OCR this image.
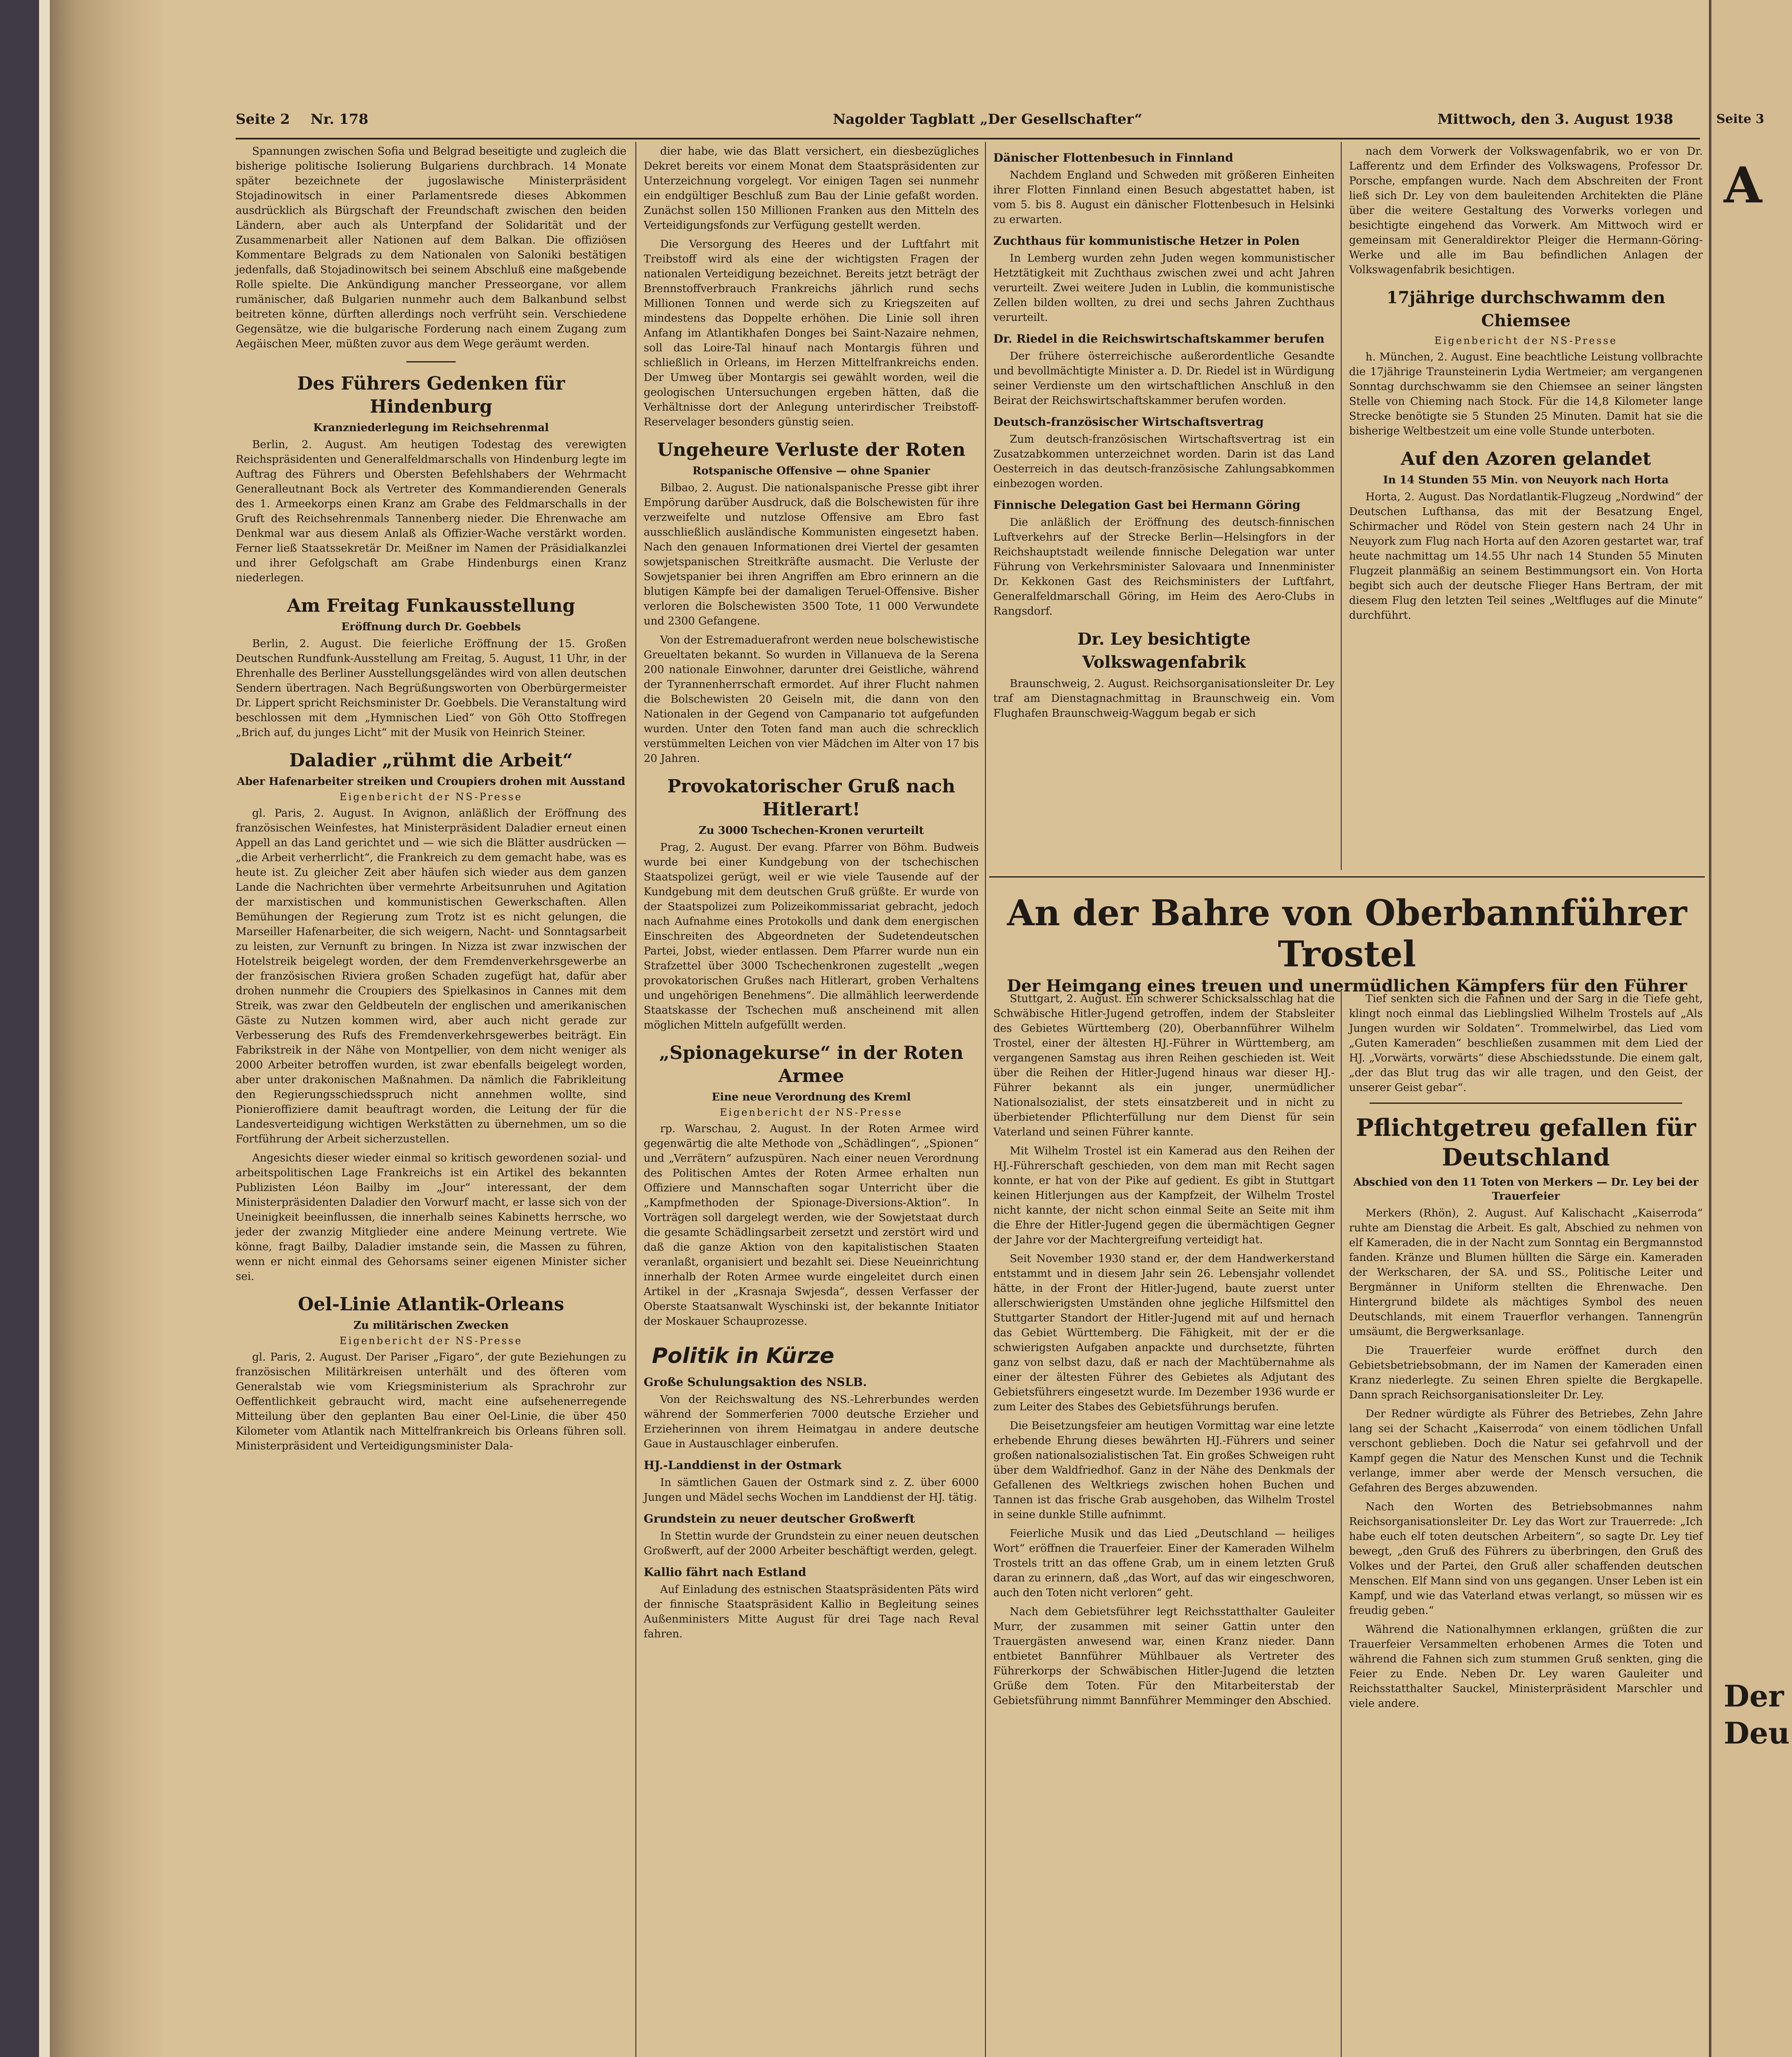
Seite 3
A
Der
Deu
Seite 2 Nr. 178	Nagolder Tagblatt „Der Gesellschafter“	Mittwoch, den 3. August 1938

Spannungen zwischen Sofia und Belgrad beseitigte und zugleich die bisherige politische Isolierung Bulgariens durchbrach. 14 Monate später bezeichnete der jugoslawische Ministerpräsident Stojadinowitsch in einer Parlamentsrede dieses Abkommen ausdrücklich als Bürgschaft der Freundschaft zwischen den beiden Ländern, aber auch als Unterpfand der Solidarität und der Zusammenarbeit aller Nationen auf dem Balkan. Die offiziösen Kommentare Belgrads zu dem Nationalen von Saloniki bestätigen jedenfalls, daß Stojadinowitsch bei seinem Abschluß eine maßgebende Rolle spielte. Die Ankündigung mancher Presseorgane, vor allem rumänischer, daß Bulgarien nunmehr auch dem Balkanbund selbst beitreten könne, dürften allerdings noch verfrüht sein. Verschiedene Gegensätze, wie die bulgarische Forderung nach einem Zugang zum Aegäischen Meer, müßten zuvor aus dem Wege geräumt werden.

Des Führers Gedenken für Hindenburg
Kranzniederlegung im Reichsehrenmal

Berlin, 2. August. Am heutigen Todestag des verewigten Reichspräsidenten und Generalfeldmarschalls von Hindenburg legte im Auftrag des Führers und Obersten Befehlshabers der Wehrmacht Generalleutnant Bock als Vertreter des Kommandierenden Generals des 1. Armeekorps einen Kranz am Grabe des Feldmarschalls in der Gruft des Reichsehrenmals Tannenberg nieder. Die Ehrenwache am Denkmal war aus diesem Anlaß als Offizier-Wache verstärkt worden. Ferner ließ Staatssekretär Dr. Meißner im Namen der Präsidialkanzlei und ihrer Gefolgschaft am Grabe Hindenburgs einen Kranz niederlegen.

Am Freitag Funkausstellung
Eröffnung durch Dr. Goebbels

Berlin, 2. August. Die feierliche Eröffnung der 15. Großen Deutschen Rundfunk-Ausstellung am Freitag, 5. August, 11 Uhr, in der Ehrenhalle des Berliner Ausstellungsgeländes wird von allen deutschen Sendern übertragen. Nach Begrüßungsworten von Oberbürgermeister Dr. Lippert spricht Reichsminister Dr. Goebbels. Die Veranstaltung wird beschlossen mit dem „Hymnischen Lied“ von Göh Otto Stoffregen „Brich auf, du junges Licht“ mit der Musik von Heinrich Steiner.

Daladier „rühmt die Arbeit“
Aber Hafenarbeiter streiken und Croupiers drohen mit Ausstand
Eigenbericht der NS-Presse

gl. Paris, 2. August. In Avignon, anläßlich der Eröffnung des französischen Weinfestes, hat Ministerpräsident Daladier erneut einen Appell an das Land gerichtet und — wie sich die Blätter ausdrücken — „die Arbeit verherrlicht“, die Frankreich zu dem gemacht habe, was es heute ist. Zu gleicher Zeit aber häufen sich wieder aus dem ganzen Lande die Nachrichten über vermehrte Arbeitsunruhen und Agitation der marxistischen und kommunistischen Gewerkschaften. Allen Bemühungen der Regierung zum Trotz ist es nicht gelungen, die Marseiller Hafenarbeiter, die sich weigern, Nacht- und Sonntagsarbeit zu leisten, zur Vernunft zu bringen. In Nizza ist zwar inzwischen der Hotelstreik beigelegt worden, der dem Fremdenverkehrsgewerbe an der französischen Riviera großen Schaden zugefügt hat, dafür aber drohen nunmehr die Croupiers des Spielkasinos in Cannes mit dem Streik, was zwar den Geldbeuteln der englischen und amerikanischen Gäste zu Nutzen kommen wird, aber auch nicht gerade zur Verbesserung des Rufs des Fremdenverkehrsgewerbes beiträgt. Ein Fabrikstreik in der Nähe von Montpellier, von dem nicht weniger als 2000 Arbeiter betroffen wurden, ist zwar ebenfalls beigelegt worden, aber unter drakonischen Maßnahmen. Da nämlich die Fabrikleitung den Regierungsschiedsspruch nicht annehmen wollte, sind Pionieroffiziere damit beauftragt worden, die Leitung der für die Landesverteidigung wichtigen Werkstätten zu übernehmen, um so die Fortführung der Arbeit sicherzustellen.

Angesichts dieser wieder einmal so kritisch gewordenen sozial- und arbeitspolitischen Lage Frankreichs ist ein Artikel des bekannten Publizisten Léon Bailby im „Jour“ interessant, der dem Ministerpräsidenten Daladier den Vorwurf macht, er lasse sich von der Uneinigkeit beeinflussen, die innerhalb seines Kabinetts herrsche, wo jeder der zwanzig Mitglieder eine andere Meinung vertrete. Wie könne, fragt Bailby, Daladier imstande sein, die Massen zu führen, wenn er nicht einmal des Gehorsams seiner eigenen Minister sicher sei.

Oel-Linie Atlantik-Orleans
Zu militärischen Zwecken
Eigenbericht der NS-Presse

gl. Paris, 2. August. Der Pariser „Figaro“, der gute Beziehungen zu französischen Militärkreisen unterhält und des öfteren vom Generalstab wie vom Kriegsministerium als Sprachrohr zur Oeffentlichkeit gebraucht wird, macht eine aufsehenerregende Mitteilung über den geplanten Bau einer Oel-Linie, die über 450 Kilometer vom Atlantik nach Mittelfrankreich bis Orleans führen soll. Ministerpräsident und Verteidigungsminister Dala-

dier habe, wie das Blatt versichert, ein diesbezügliches Dekret bereits vor einem Monat dem Staatspräsidenten zur Unterzeichnung vorgelegt. Vor einigen Tagen sei nunmehr ein endgültiger Beschluß zum Bau der Linie gefaßt worden. Zunächst sollen 150 Millionen Franken aus den Mitteln des Verteidigungsfonds zur Verfügung gestellt werden.

Die Versorgung des Heeres und der Luftfahrt mit Treibstoff wird als eine der wichtigsten Fragen der nationalen Verteidigung bezeichnet. Bereits jetzt beträgt der Brennstoffverbrauch Frankreichs jährlich rund sechs Millionen Tonnen und werde sich zu Kriegszeiten auf mindestens das Doppelte erhöhen. Die Linie soll ihren Anfang im Atlantikhafen Donges bei Saint-Nazaire nehmen, soll das Loire-Tal hinauf nach Montargis führen und schließlich in Orleans, im Herzen Mittelfrankreichs enden. Der Umweg über Montargis sei gewählt worden, weil die geologischen Untersuchungen ergeben hätten, daß die Verhältnisse dort der Anlegung unterirdischer Treibstoff-Reservelager besonders günstig seien.

Ungeheure Verluste der Roten
Rotspanische Offensive — ohne Spanier

Bilbao, 2. August. Die nationalspanische Presse gibt ihrer Empörung darüber Ausdruck, daß die Bolschewisten für ihre verzweifelte und nutzlose Offensive am Ebro fast ausschließlich ausländische Kommunisten eingesetzt haben. Nach den genauen Informationen drei Viertel der gesamten sowjetspanischen Streitkräfte ausmacht. Die Verluste der Sowjetspanier bei ihren Angriffen am Ebro erinnern an die blutigen Kämpfe bei der damaligen Teruel-Offensive. Bisher verloren die Bolschewisten 3500 Tote, 11 000 Verwundete und 2300 Gefangene.

Von der Estremaduerafront werden neue bolschewistische Greueltaten bekannt. So wurden in Villanueva de la Serena 200 nationale Einwohner, darunter drei Geistliche, während der Tyrannenherrschaft ermordet. Auf ihrer Flucht nahmen die Bolschewisten 20 Geiseln mit, die dann von den Nationalen in der Gegend von Campanario tot aufgefunden wurden. Unter den Toten fand man auch die schrecklich verstümmelten Leichen von vier Mädchen im Alter von 17 bis 20 Jahren.

Provokatorischer Gruß nach Hitlerart!
Zu 3000 Tschechen-Kronen verurteilt

Prag, 2. August. Der evang. Pfarrer von Böhm. Budweis wurde bei einer Kundgebung von der tschechischen Staatspolizei gerügt, weil er wie viele Tausende auf der Kundgebung mit dem deutschen Gruß grüßte. Er wurde von der Staatspolizei zum Polizeikommissariat gebracht, jedoch nach Aufnahme eines Protokolls und dank dem energischen Einschreiten des Abgeordneten der Sudetendeutschen Partei, Jobst, wieder entlassen. Dem Pfarrer wurde nun ein Strafzettel über 3000 Tschechenkronen zugestellt „wegen provokatorischen Grußes nach Hitlerart, groben Verhaltens und ungehörigen Benehmens“. Die allmählich leerwerdende Staatskasse der Tschechen muß anscheinend mit allen möglichen Mitteln aufgefüllt werden.

„Spionagekurse“ in der Roten Armee
Eine neue Verordnung des Kreml
Eigenbericht der NS-Presse

rp. Warschau, 2. August. In der Roten Armee wird gegenwärtig die alte Methode von „Schädlingen“, „Spionen“ und „Verrätern“ aufzuspüren. Nach einer neuen Verordnung des Politischen Amtes der Roten Armee erhalten nun Offiziere und Mannschaften sogar Unterricht über die „Kampfmethoden der Spionage-Diversions-Aktion“. In Vorträgen soll dargelegt werden, wie der Sowjetstaat durch die gesamte Schädlingsarbeit zersetzt und zerstört wird und daß die ganze Aktion von den kapitalistischen Staaten veranlaßt, organisiert und bezahlt sei. Diese Neueinrichtung innerhalb der Roten Armee wurde eingeleitet durch einen Artikel in der „Krasnaja Swjesda“, dessen Verfasser der Oberste Staatsanwalt Wyschinski ist, der bekannte Initiator der Moskauer Schauprozesse.

Politik in Kürze
Große Schulungsaktion des NSLB.

Von der Reichswaltung des NS.-Lehrerbundes werden während der Sommerferien 7000 deutsche Erzieher und Erzieherinnen von ihrem Heimatgau in andere deutsche Gaue in Austauschlager einberufen.

HJ.-Landdienst in der Ostmark

In sämtlichen Gauen der Ostmark sind z. Z. über 6000 Jungen und Mädel sechs Wochen im Landdienst der HJ. tätig.

Grundstein zu neuer deutscher Großwerft

In Stettin wurde der Grundstein zu einer neuen deutschen Großwerft, auf der 2000 Arbeiter beschäftigt werden, gelegt.

Kallio fährt nach Estland

Auf Einladung des estnischen Staatspräsidenten Päts wird der finnische Staatspräsident Kallio in Begleitung seines Außenministers Mitte August für drei Tage nach Reval fahren.

Dänischer Flottenbesuch in Finnland

Nachdem England und Schweden mit größeren Einheiten ihrer Flotten Finnland einen Besuch abgestattet haben, ist vom 5. bis 8. August ein dänischer Flottenbesuch in Helsinki zu erwarten.

Zuchthaus für kommunistische Hetzer in Polen

In Lemberg wurden zehn Juden wegen kommunistischer Hetztätigkeit mit Zuchthaus zwischen zwei und acht Jahren verurteilt. Zwei weitere Juden in Lublin, die kommunistische Zellen bilden wollten, zu drei und sechs Jahren Zuchthaus verurteilt.

Dr. Riedel in die Reichswirtschaftskammer berufen

Der frühere österreichische außerordentliche Gesandte und bevollmächtigte Minister a. D. Dr. Riedel ist in Würdigung seiner Verdienste um den wirtschaftlichen Anschluß in den Beirat der Reichswirtschaftskammer berufen worden.

Deutsch-französischer Wirtschaftsvertrag

Zum deutsch-französischen Wirtschaftsvertrag ist ein Zusatzabkommen unterzeichnet worden. Darin ist das Land Oesterreich in das deutsch-französische Zahlungsabkommen einbezogen worden.

Finnische Delegation Gast bei Hermann Göring

Die anläßlich der Eröffnung des deutsch-finnischen Luftverkehrs auf der Strecke Berlin—Helsingfors in der Reichshauptstadt weilende finnische Delegation war unter Führung von Verkehrsminister Salovaara und Innenminister Dr. Kekkonen Gast des Reichsministers der Luftfahrt, Generalfeldmarschall Göring, im Heim des Aero-Clubs in Rangsdorf.

Dr. Ley besichtigte Volkswagenfabrik

Braunschweig, 2. August. Reichsorganisationsleiter Dr. Ley traf am Dienstagnachmittag in Braunschweig ein. Vom Flughafen Braunschweig-Waggum begab er sich

nach dem Vorwerk der Volkswagenfabrik, wo er von Dr. Lafferentz und dem Erfinder des Volkswagens, Professor Dr. Porsche, empfangen wurde. Nach dem Abschreiten der Front ließ sich Dr. Ley von dem bauleitenden Architekten die Pläne über die weitere Gestaltung des Vorwerks vorlegen und besichtigte eingehend das Vorwerk. Am Mittwoch wird er gemeinsam mit Generaldirektor Pleiger die Hermann-Göring-Werke und alle im Bau befindlichen Anlagen der Volkswagenfabrik besichtigen.

17jährige durchschwamm den Chiemsee
Eigenbericht der NS-Presse

h. München, 2. August. Eine beachtliche Leistung vollbrachte die 17jährige Traunsteinerin Lydia Wertmeier; am vergangenen Sonntag durchschwamm sie den Chiemsee an seiner längsten Stelle von Chieming nach Stock. Für die 14,8 Kilometer lange Strecke benötigte sie 5 Stunden 25 Minuten. Damit hat sie die bisherige Weltbestzeit um eine volle Stunde unterboten.

Auf den Azoren gelandet
In 14 Stunden 55 Min. von Neuyork nach Horta

Horta, 2. August. Das Nordatlantik-Flugzeug „Nordwind“ der Deutschen Lufthansa, das mit der Besatzung Engel, Schirmacher und Rödel von Stein gestern nach 24 Uhr in Neuyork zum Flug nach Horta auf den Azoren gestartet war, traf heute nachmittag um 14.55 Uhr nach 14 Stunden 55 Minuten Flugzeit planmäßig an seinem Bestimmungsort ein. Von Horta begibt sich auch der deutsche Flieger Hans Bertram, der mit diesem Flug den letzten Teil seines „Weltfluges auf die Minute“ durchführt.

An der Bahre von Oberbannführer Trostel
Der Heimgang eines treuen und unermüdlichen Kämpfers für den Führer

Stuttgart, 2. August. Ein schwerer Schicksalsschlag hat die Schwäbische Hitler-Jugend getroffen, indem der Stabsleiter des Gebietes Württemberg (20), Oberbannführer Wilhelm Trostel, einer der ältesten HJ.-Führer in Württemberg, am vergangenen Samstag aus ihren Reihen geschieden ist. Weit über die Reihen der Hitler-Jugend hinaus war dieser HJ.-Führer bekannt als ein junger, unermüdlicher Nationalsozialist, der stets einsatzbereit und in nicht zu überbietender Pflichterfüllung nur dem Dienst für sein Vaterland und seinen Führer kannte.

Mit Wilhelm Trostel ist ein Kamerad aus den Reihen der HJ.-Führerschaft geschieden, von dem man mit Recht sagen konnte, er hat von der Pike auf gedient. Es gibt in Stuttgart keinen Hitlerjungen aus der Kampfzeit, der Wilhelm Trostel nicht kannte, der nicht schon einmal Seite an Seite mit ihm die Ehre der Hitler-Jugend gegen die übermächtigen Gegner der Jahre vor der Machtergreifung verteidigt hat.

Seit November 1930 stand er, der dem Handwerkerstand entstammt und in diesem Jahr sein 26. Lebensjahr vollendet hätte, in der Front der Hitler-Jugend, baute zuerst unter allerschwierigsten Umständen ohne jegliche Hilfsmittel den Stuttgarter Standort der Hitler-Jugend mit auf und hernach das Gebiet Württemberg. Die Fähigkeit, mit der er die schwierigsten Aufgaben anpackte und durchsetzte, führten ganz von selbst dazu, daß er nach der Machtübernahme als einer der ältesten Führer des Gebietes als Adjutant des Gebietsführers eingesetzt wurde. Im Dezember 1936 wurde er zum Leiter des Stabes des Gebietsführungs berufen.

Die Beisetzungsfeier am heutigen Vormittag war eine letzte erhebende Ehrung dieses bewährten HJ.-Führers und seiner großen nationalsozialistischen Tat. Ein großes Schweigen ruht über dem Waldfriedhof. Ganz in der Nähe des Denkmals der Gefallenen des Weltkriegs zwischen hohen Buchen und Tannen ist das frische Grab ausgehoben, das Wilhelm Trostel in seine dunkle Stille aufnimmt.

Feierliche Musik und das Lied „Deutschland — heiliges Wort“ eröffnen die Trauerfeier. Einer der Kameraden Wilhelm Trostels tritt an das offene Grab, um in einem letzten Gruß daran zu erinnern, daß „das Wort, auf das wir eingeschworen, auch den Toten nicht verloren“ geht.

Nach dem Gebietsführer legt Reichsstatthalter Gauleiter Murr, der zusammen mit seiner Gattin unter den Trauergästen anwesend war, einen Kranz nieder. Dann entbietet Bannführer Mühlbauer als Vertreter des Führerkorps der Schwäbischen Hitler-Jugend die letzten Grüße dem Toten. Für den Mitarbeiterstab der Gebietsführung nimmt Bannführer Memminger den Abschied.

Tief senkten sich die Fahnen und der Sarg in die Tiefe geht, klingt noch einmal das Lieblingslied Wilhelm Trostels auf „Als Jungen wurden wir Soldaten“. Trommelwirbel, das Lied vom „Guten Kameraden“ beschließen zusammen mit dem Lied der HJ. „Vorwärts, vorwärts“ diese Abschiedsstunde. Die einem galt, „der das Blut trug das wir alle tragen, und den Geist, der unserer Geist gebar“.

Pflichtgetreu gefallen für Deutschland
Abschied von den 11 Toten von Merkers — Dr. Ley bei der Trauerfeier

Merkers (Rhön), 2. August. Auf Kalischacht „Kaiserroda“ ruhte am Dienstag die Arbeit. Es galt, Abschied zu nehmen von elf Kameraden, die in der Nacht zum Sonntag ein Bergmannstod fanden. Kränze und Blumen hüllten die Särge ein. Kameraden der Werkscharen, der SA. und SS., Politische Leiter und Bergmänner in Uniform stellten die Ehrenwache. Den Hintergrund bildete als mächtiges Symbol des neuen Deutschlands, mit einem Trauerflor verhangen. Tannengrün umsäumt, die Bergwerksanlage.

Die Trauerfeier wurde eröffnet durch den Gebietsbetriebsobmann, der im Namen der Kameraden einen Kranz niederlegte. Zu seinen Ehren spielte die Bergkapelle. Dann sprach Reichsorganisationsleiter Dr. Ley.

Der Redner würdigte als Führer des Betriebes, Zehn Jahre lang sei der Schacht „Kaiserroda“ von einem tödlichen Unfall verschont geblieben. Doch die Natur sei gefahrvoll und der Kampf gegen die Natur des Menschen Kunst und die Technik verlange, immer aber werde der Mensch versuchen, die Gefahren des Berges abzuwenden.

Nach den Worten des Betriebsobmannes nahm Reichsorganisationsleiter Dr. Ley das Wort zur Trauerrede: „Ich habe euch elf toten deutschen Arbeitern“, so sagte Dr. Ley tief bewegt, „den Gruß des Führers zu überbringen, den Gruß des Volkes und der Partei, den Gruß aller schaffenden deutschen Menschen. Elf Mann sind von uns gegangen. Unser Leben ist ein Kampf, und wie das Vaterland etwas verlangt, so müssen wir es freudig geben.“

Während die Nationalhymnen erklangen, grüßten die zur Trauerfeier Versammelten erhobenen Armes die Toten und während die Fahnen sich zum stummen Gruß senkten, ging die Feier zu Ende. Neben Dr. Ley waren Gauleiter und Reichsstatthalter Sauckel, Ministerpräsident Marschler und viele andere.
